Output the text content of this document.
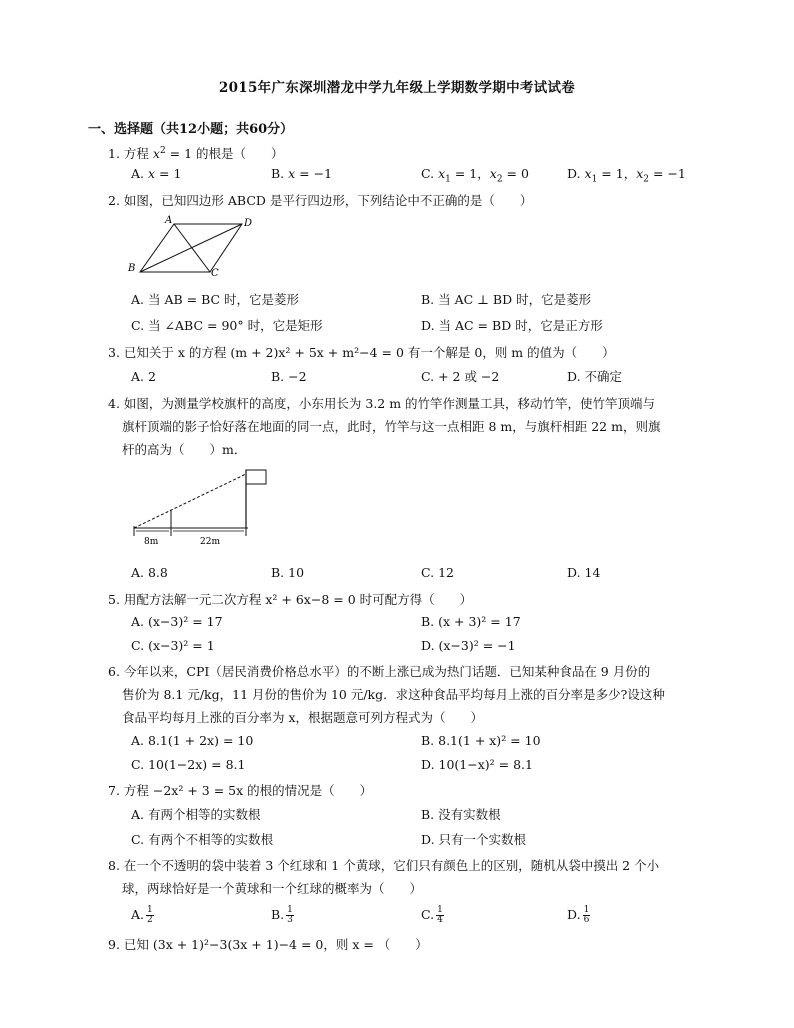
2015年广东深圳潜龙中学九年级上学期数学期中考试试卷
一、选择题（共12小题；共60分）
1. 方程 $x^2 = 1$ 的根是（　　）
A. x = 1	B. x = −1	C. $x_1 = 1$，$x_2 = 0$	D. $x_1 = 1$，$x_2 = -1$
2. 如图，已知四边形 ABCD 是平行四边形，下列结论中不正确的是（　　）
A	D
B	C
A. 当 AB = BC 时，它是菱形	B. 当 AC ⊥ BD 时，它是菱形
C. 当 ∠ABC = 90° 时，它是矩形	D. 当 AC = BD 时，它是正方形
3. 已知关于 x 的方程 (m + 2)x² + 5x + m²−4 = 0 有一个解是 0，则 m 的值为（　　）
A. 2	B. −2	C. + 2 或 −2	D. 不确定
4. 如图，为测量学校旗杆的高度，小东用长为 3.2 m 的竹竿作测量工具，移动竹竿，使竹竿顶端与
旗杆顶端的影子恰好落在地面的同一点，此时，竹竿与这一点相距 8 m，与旗杆相距 22 m，则旗
杆的高为（　　）m．
8m	22m
A. 8.8	B. 10	C. 12	D. 14
5. 用配方法解一元二次方程 x² + 6x−8 = 0 时可配方得（　　）
A. (x−3)² = 17	B. (x + 3)² = 17
C. (x−3)² = 1	D. (x−3)² = −1
6. 今年以来，CPI（居民消费价格总水平）的不断上涨已成为热门话题．已知某种食品在 9 月份的
售价为 8.1 元/kg，11 月份的售价为 10 元/kg．求这种食品平均每月上涨的百分率是多少?设这种
食品平均每月上涨的百分率为 x，根据题意可列方程式为（　　）
A. 8.1(1 + 2x) = 10	B. 8.1(1 + x)² = 10
C. 10(1−2x) = 8.1	D. 10(1−x)² = 8.1
7. 方程 −2x² + 3 = 5x 的根的情况是（　　）
A. 有两个相等的实数根	B. 没有实数根
C. 有两个不相等的实数根	D. 只有一个实数根
8. 在一个不透明的袋中装着 3 个红球和 1 个黄球，它们只有颜色上的区别，随机从袋中摸出 2 个小
球，两球恰好是一个黄球和一个红球的概率为（　　）
A. $\frac{1}{2}$	B. $\frac{1}{3}$	C. $\frac{1}{4}$	D. $\frac{1}{6}$
9. 已知 (3x + 1)²−3(3x + 1)−4 = 0，则 x = （　　）
